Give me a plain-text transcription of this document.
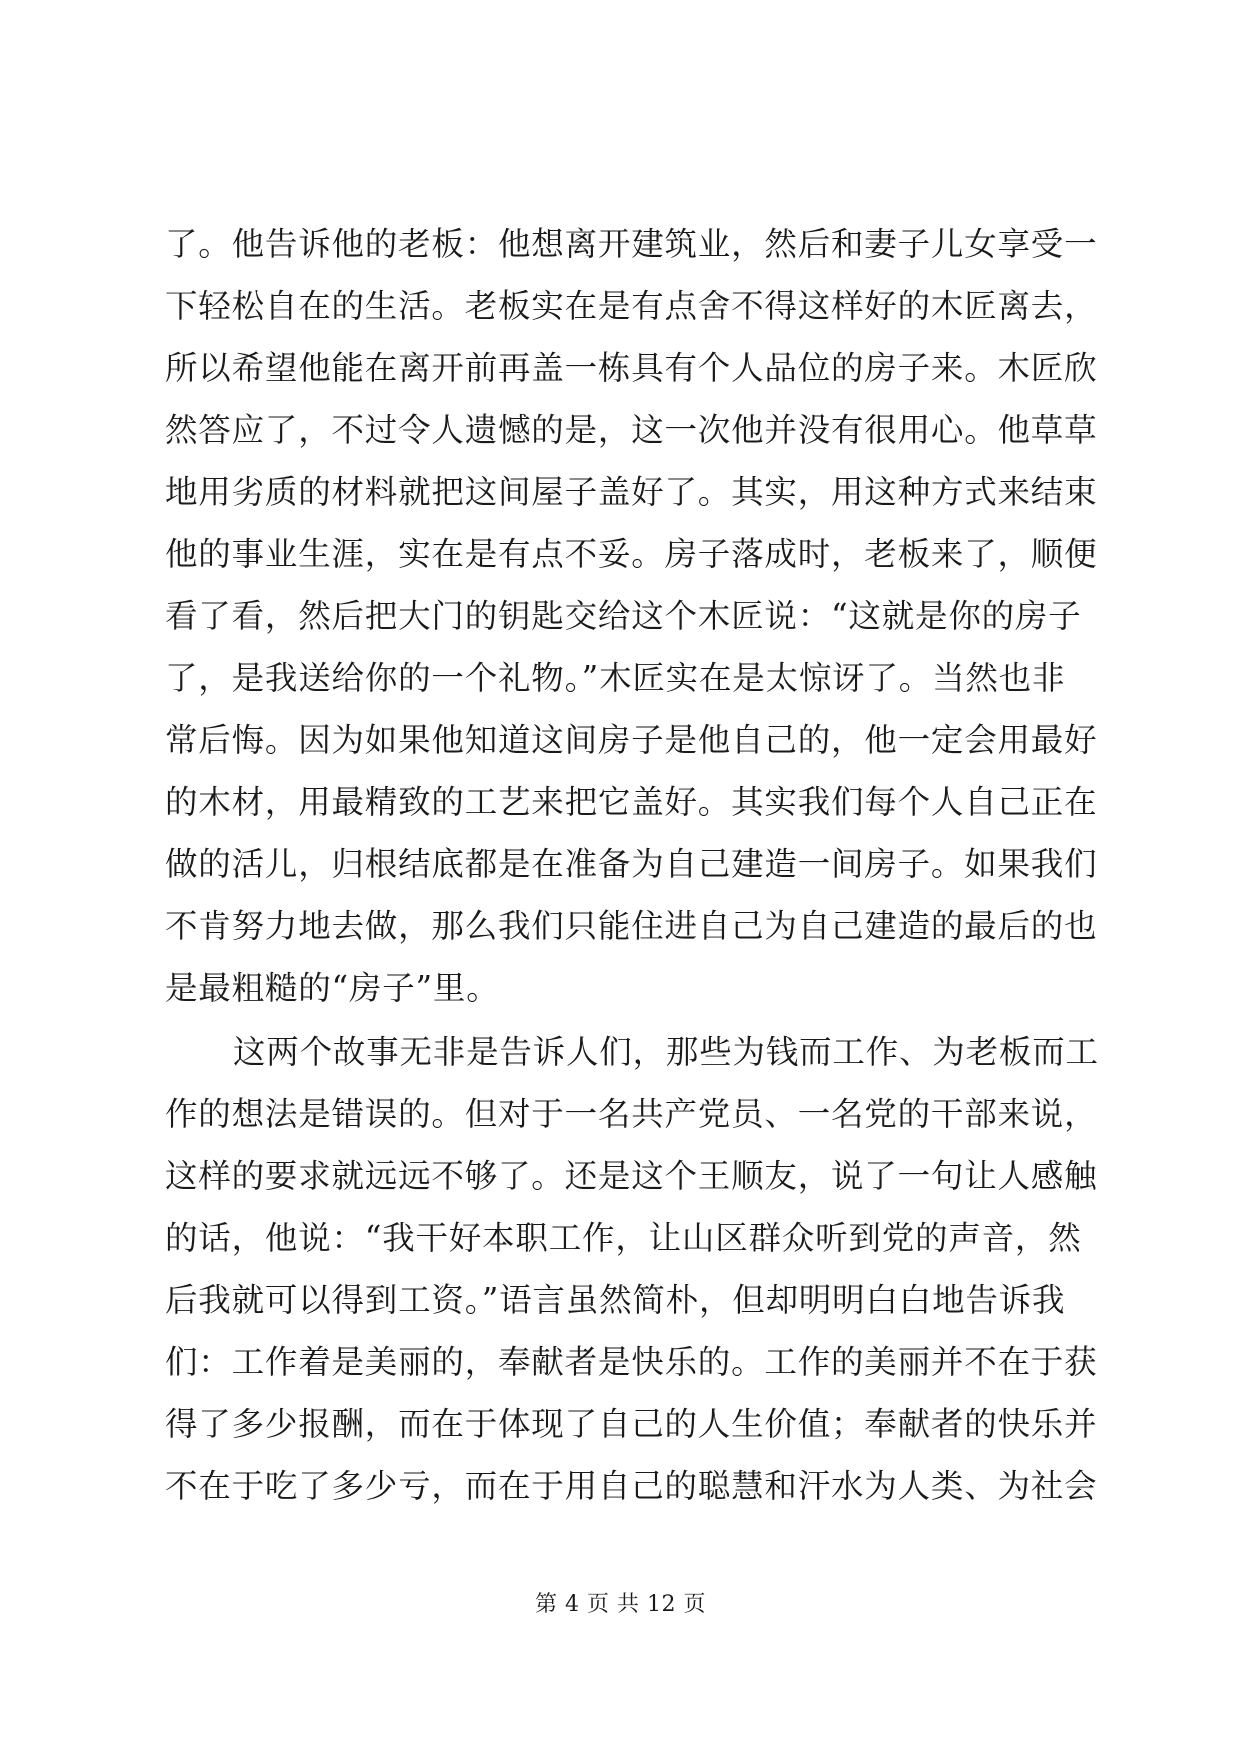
了。他告诉他的老板：他想离开建筑业，然后和妻子儿女享受一
下轻松自在的生活。老板实在是有点舍不得这样好的木匠离去，
所以希望他能在离开前再盖一栋具有个人品位的房子来。木匠欣
然答应了，不过令人遗憾的是，这一次他并没有很用心。他草草
地用劣质的材料就把这间屋子盖好了。其实，用这种方式来结束
他的事业生涯，实在是有点不妥。房子落成时，老板来了，顺便
看了看，然后把大门的钥匙交给这个木匠说：“这就是你的房子
了，是我送给你的一个礼物。”木匠实在是太惊讶了。当然也非
常后悔。因为如果他知道这间房子是他自己的，他一定会用最好
的木材，用最精致的工艺来把它盖好。其实我们每个人自己正在
做的活儿，归根结底都是在准备为自己建造一间房子。如果我们
不肯努力地去做，那么我们只能住进自己为自己建造的最后的也
是最粗糙的“房子”里。
这两个故事无非是告诉人们，那些为钱而工作、为老板而工
作的想法是错误的。但对于一名共产党员、一名党的干部来说，
这样的要求就远远不够了。还是这个王顺友，说了一句让人感触
的话，他说：“我干好本职工作，让山区群众听到党的声音，然
后我就可以得到工资。”语言虽然简朴，但却明明白白地告诉我
们：工作着是美丽的，奉献者是快乐的。工作的美丽并不在于获
得了多少报酬，而在于体现了自己的人生价值；奉献者的快乐并
不在于吃了多少亏，而在于用自己的聪慧和汗水为人类、为社会
第 4 页 共 12 页
